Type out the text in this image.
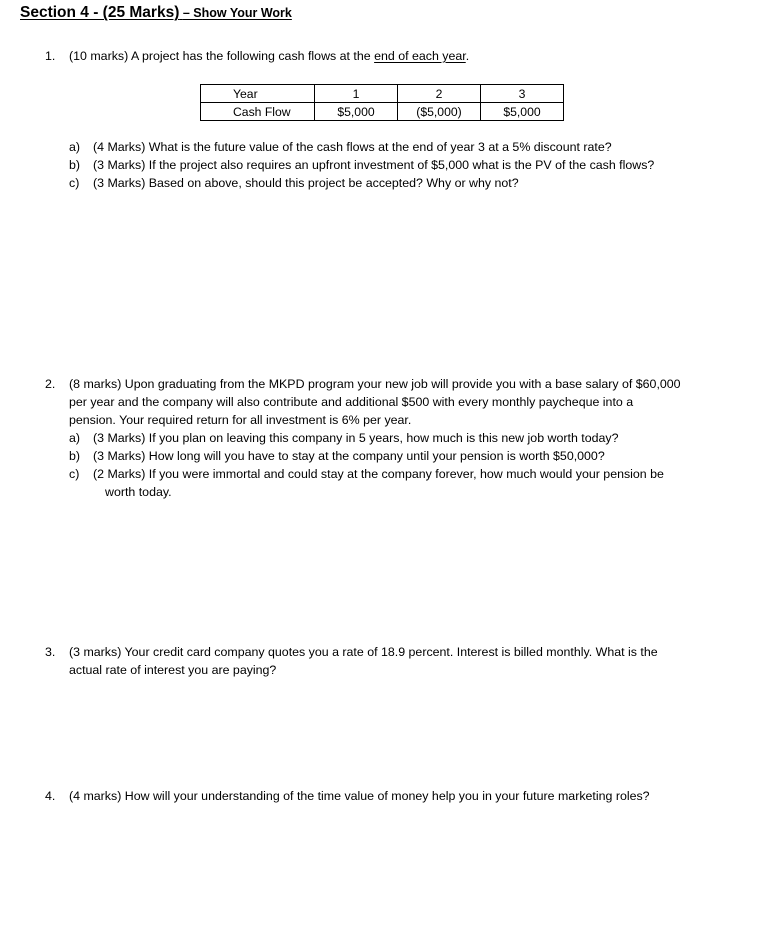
Section 4 - (25 Marks) – Show Your Work
1. (10 marks) A project has the following cash flows at the end of each year.
Year	1	2	3
Cash Flow	$5,000	($5,000)	$5,000
a) (4 Marks) What is the future value of the cash flows at the end of year 3 at a 5% discount rate?
b) (3 Marks) If the project also requires an upfront investment of $5,000 what is the PV of the cash flows?
c) (3 Marks) Based on above, should this project be accepted? Why or why not?
2. (8 marks) Upon graduating from the MKPD program your new job will provide you with a base salary of $60,000
per year and the company will also contribute and additional $500 with every monthly paycheque into a
pension. Your required return for all investment is 6% per year.
a) (3 Marks) If you plan on leaving this company in 5 years, how much is this new job worth today?
b) (3 Marks) How long will you have to stay at the company until your pension is worth $50,000?
c) (2 Marks) If you were immortal and could stay at the company forever, how much would your pension be
worth today.
3. (3 marks) Your credit card company quotes you a rate of 18.9 percent. Interest is billed monthly. What is the
actual rate of interest you are paying?
4. (4 marks) How will your understanding of the time value of money help you in your future marketing roles?
